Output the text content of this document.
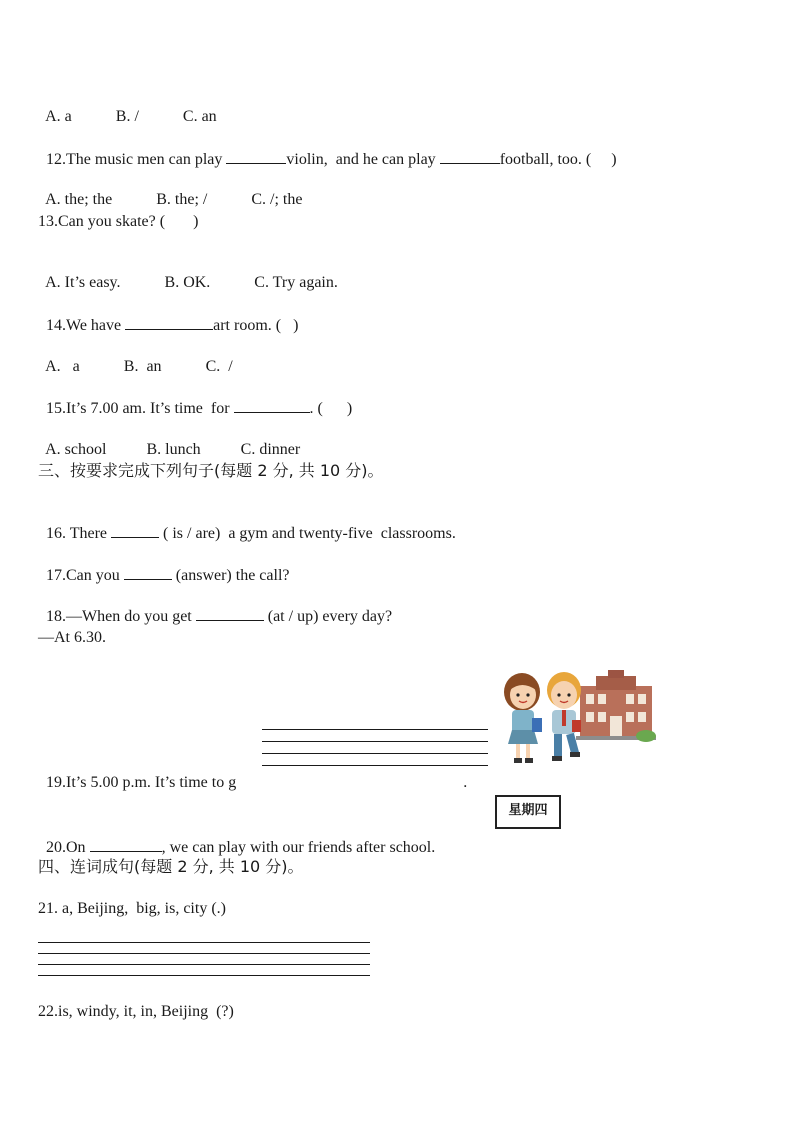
A. a	B. /	C. an

12.The music men can play	violin,  and he can play	football, too. (     )

A. the; the	B. the; /	C. /; the

13.Can you skate? (       )

A. It’s easy.	B. OK.	C. Try again.

14.We have	art room. (   )

A.   a	B.  an	C.  /

15.It’s 7.00 am. It’s time  for	. (      )

A. school	B. lunch	C. dinner

三、按要求完成下列句子(每题 2 分, 共 10 分)。

16. There	( is / are)  a gym and twenty-five  classrooms.

17.Can you	(answer) the call?

18.—When do you get	(at / up) every day?

—At 6.30.

19.It’s 5.00 p.m. It’s time to g	.

20.On	, we can play with our friends after school.

星期四
四、连词成句(每题 2 分, 共 10 分)。
21. a, Beijing,  big, is, city (.)
22.is, windy, it, in, Beijing  (?)
